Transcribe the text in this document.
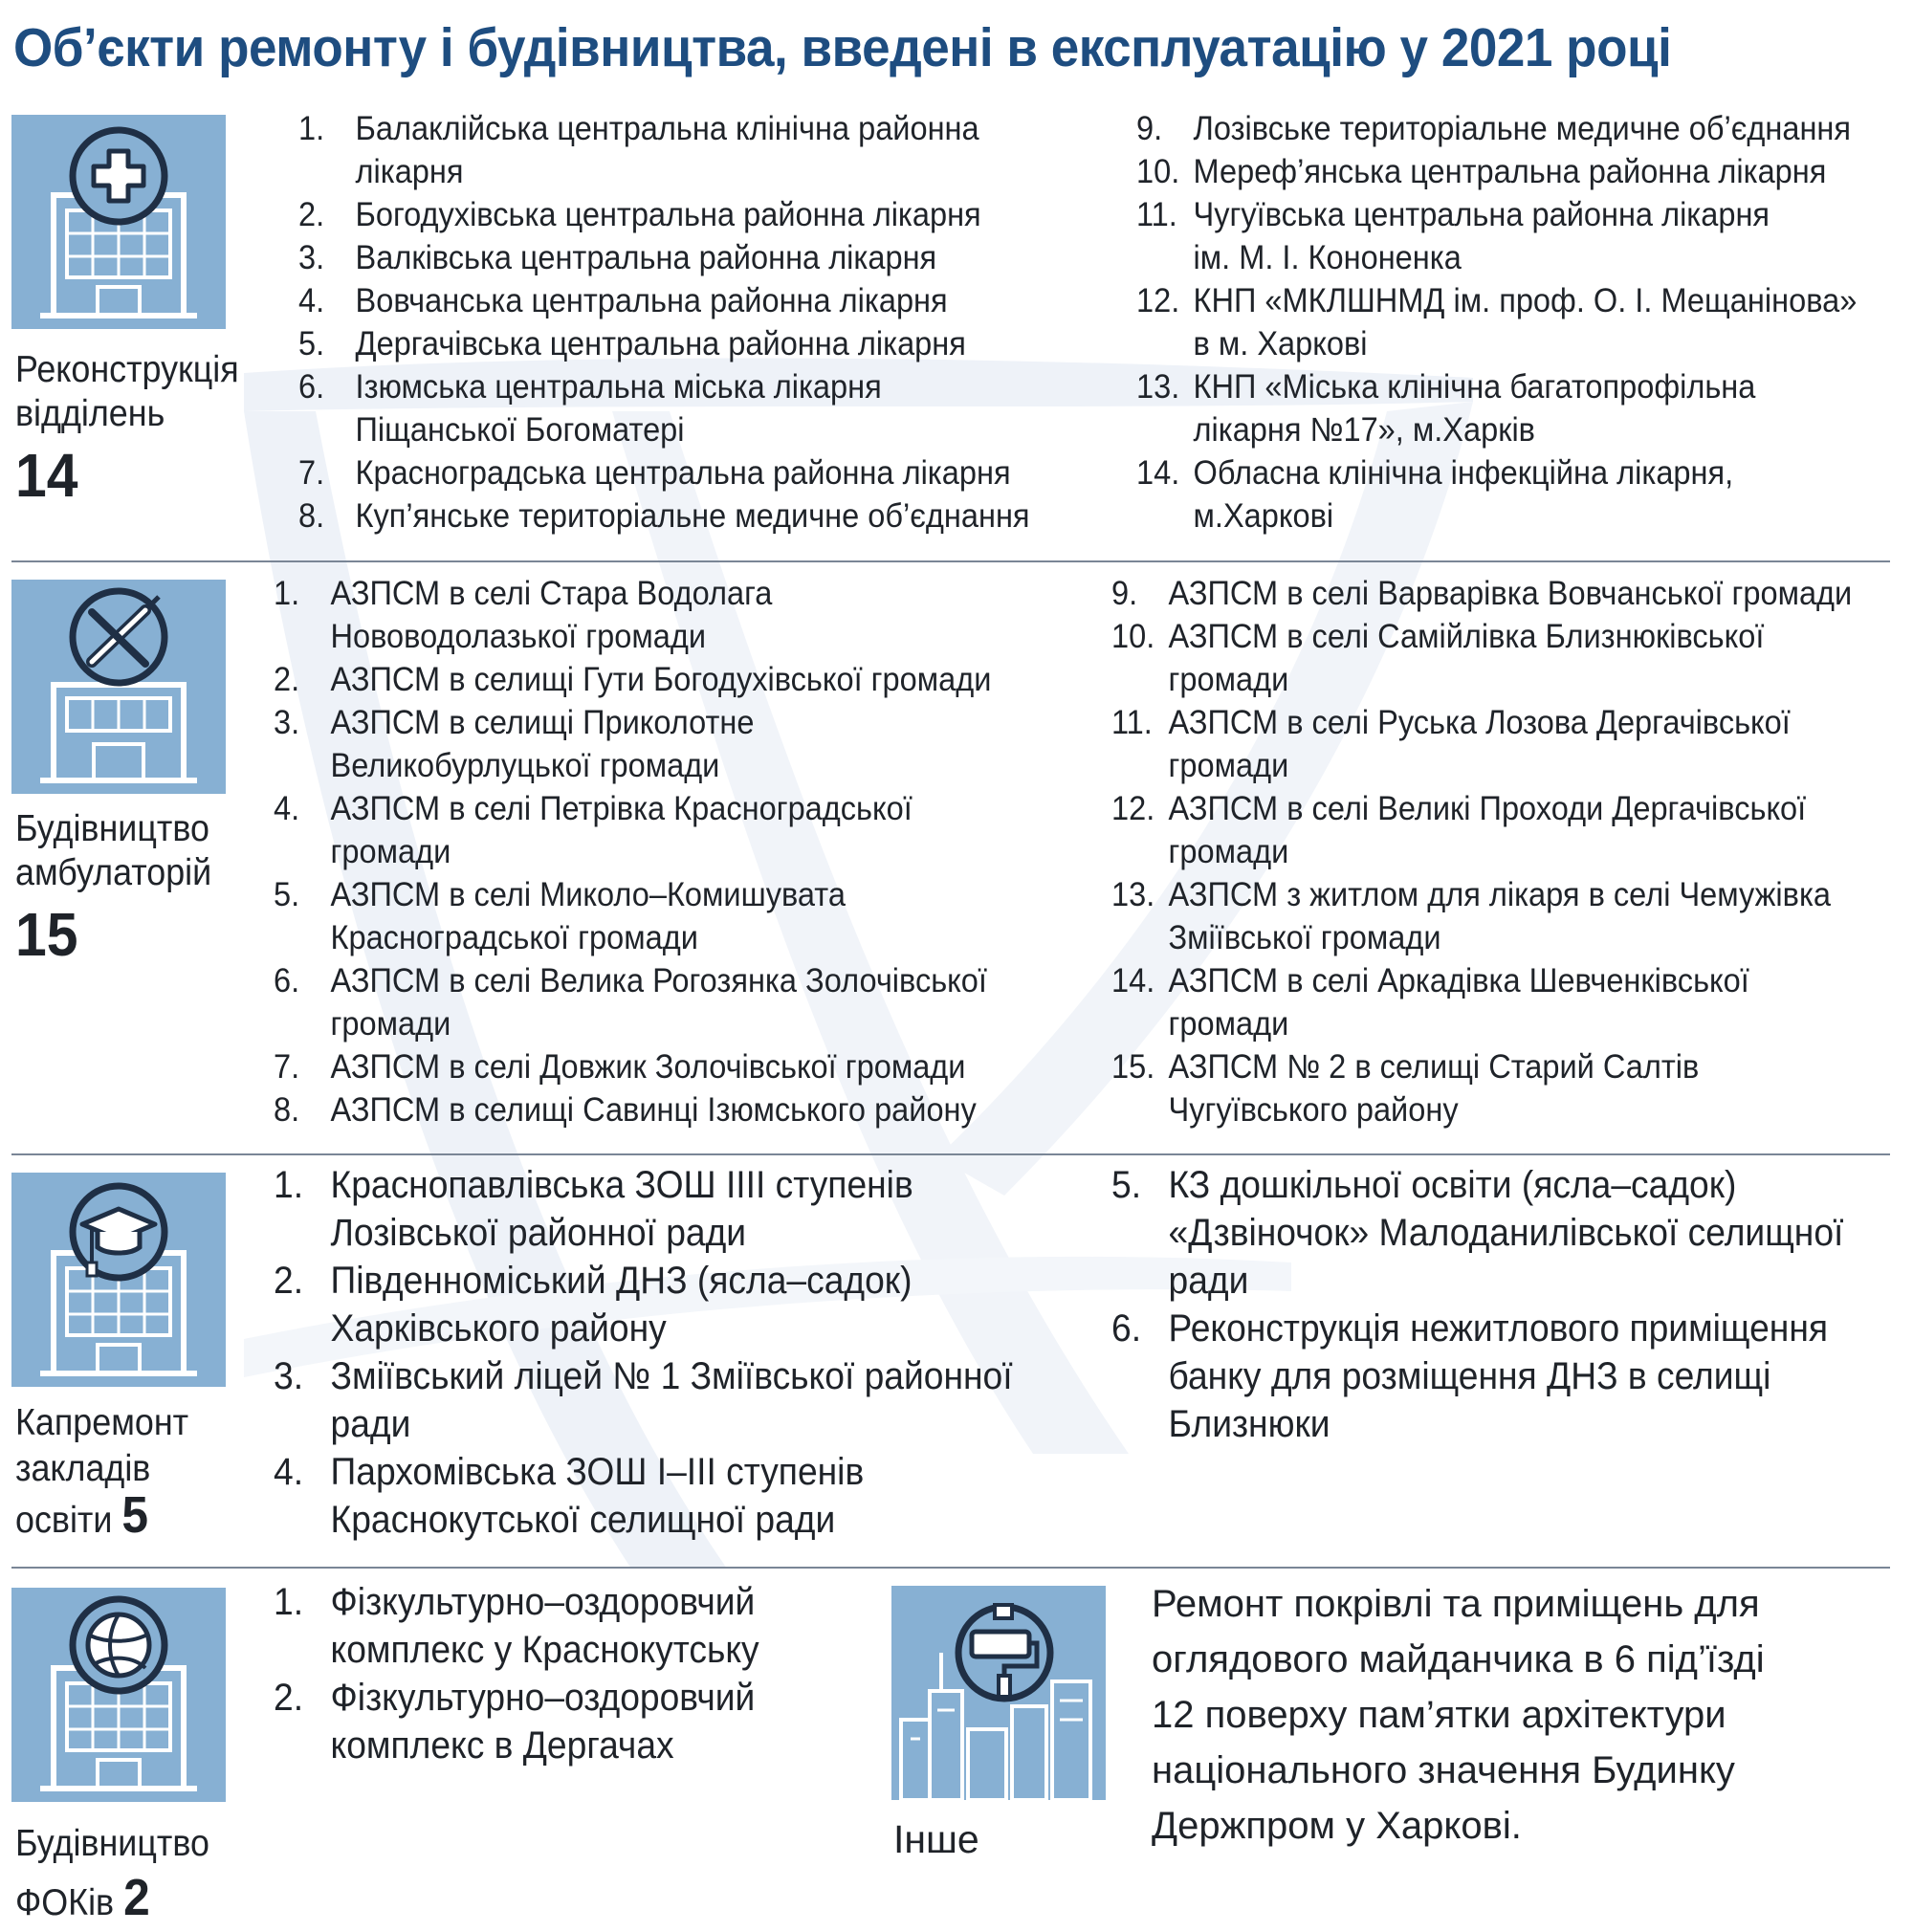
Об’єкти ремонту і будівництва, введені в експлуатацію у 2021 році
Реконструкція
відділень
14
1. Балаклійська центральна клінічна районна
лікарня
2. Богодухівська центральна районна лікарня
3. Валківська центральна районна лікарня
4. Вовчанська центральна районна лікарня
5. Дергачівська центральна районна лікарня
6. Ізюмська центральна міська лікарня
Піщанської Богоматері
7. Красноградська центральна районна лікарня
8. Куп’янське територіальне медичне об’єднання
9. Лозівське територіальне медичне об’єднання
10. Мереф’янська центральна районна лікарня
11. Чугуївська центральна районна лікарня
ім. М. І. Кононенка
12. КНП «МКЛШНМД ім. проф. О. І. Мещанінова»
в м. Харкові
13. КНП «Міська клінічна багатопрофільна
лікарня №17», м.Харків
14. Обласна клінічна інфекційна лікарня,
м.Харкові
Будівництво
амбулаторій
15
1. АЗПСМ в селі Стара Водолага
Нововодолазької громади
2. АЗПСМ в селищі Гути Богодухівської громади
3. АЗПСМ в селищі Приколотне
Великобурлуцької громади
4. АЗПСМ в селі Петрівка Красноградської
громади
5. АЗПСМ в селі Миколо–Комишувата
Красноградської громади
6. АЗПСМ в селі Велика Рогозянка Золочівської
громади
7. АЗПСМ в селі Довжик Золочівської громади
8. АЗПСМ в селищі Савинці Ізюмського району
9. АЗПСМ в селі Варварівка Вовчанської громади
10. АЗПСМ в селі Самійлівка Близнюківської
громади
11. АЗПСМ в селі Руська Лозова Дергачівської
громади
12. АЗПСМ в селі Великі Проходи Дергачівської
громади
13. АЗПСМ з житлом для лікаря в селі Чемужівка
Зміївської громади
14. АЗПСМ в селі Аркадівка Шевченківської
громади
15. АЗПСМ № 2 в селищі Старий Салтів
Чугуївського району
Капремонт
закладів
освіти 5
1. Краснопавлівська ЗОШ ІІІІ ступенів
Лозівської районної ради
2. Південноміський ДНЗ (ясла–садок)
Харківського району
3. Зміївський ліцей № 1 Зміївської районної
ради
4. Пархомівська ЗОШ І–ІІІ ступенів
Краснокутської селищної ради
5. КЗ дошкільної освіти (ясла–садок)
«Дзвіночок» Малоданилівської селищної
ради
6. Реконструкція нежитлового приміщення
банку для розміщення ДНЗ в селищі
Близнюки
Будівництво
ФОКів 2
1. Фізкультурно–оздоровчий
комплекс у Краснокутську
2. Фізкультурно–оздоровчий
комплекс в Дергачах
Інше
Ремонт покрівлі та приміщень для
оглядового майданчика в 6 під’їзді
12 поверху пам’ятки архітектури
національного значення Будинку
Держпром у Харкові.
